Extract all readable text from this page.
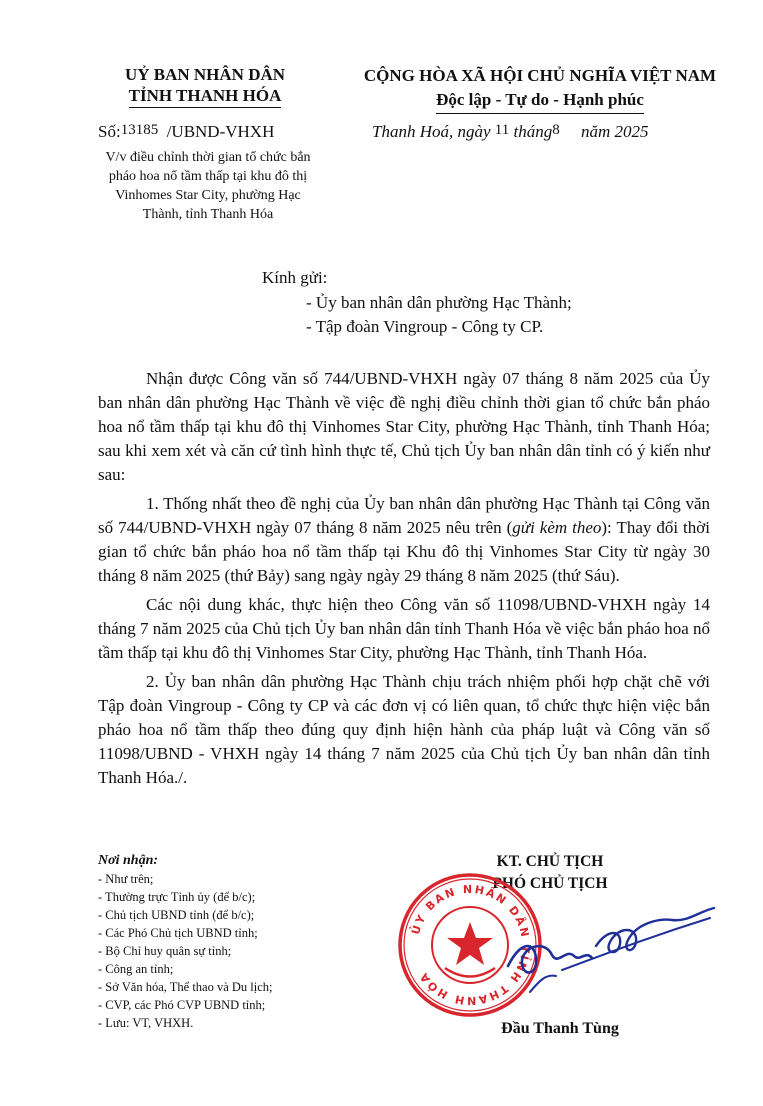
UỶ BAN NHÂN DÂN
TỈNH THANH HÓA
CỘNG HÒA XÃ HỘI CHỦ NGHĨA VIỆT NAM
Độc lập - Tự do - Hạnh phúc
Số:13185 /UBND-VHXH	Thanh Hoá, ngày 11 tháng8 năm 2025
V/v điều chỉnh thời gian tổ chức bắn
pháo hoa nổ tầm thấp tại khu đô thị
Vinhomes Star City, phường Hạc
Thành, tỉnh Thanh Hóa
Kính gửi:
- Ủy ban nhân dân phường Hạc Thành;
- Tập đoàn Vingroup - Công ty CP.

Nhận được Công văn số 744/UBND-VHXH ngày 07 tháng 8 năm 2025 của Ủy ban nhân dân phường Hạc Thành về việc đề nghị điều chỉnh thời gian tổ chức bắn pháo hoa nổ tầm thấp tại khu đô thị Vinhomes Star City, phường Hạc Thành, tỉnh Thanh Hóa; sau khi xem xét và căn cứ tình hình thực tế, Chủ tịch Ủy ban nhân dân tỉnh có ý kiến như sau:

1. Thống nhất theo đề nghị của Ủy ban nhân dân phường Hạc Thành tại Công văn số 744/UBND-VHXH ngày 07 tháng 8 năm 2025 nêu trên (gửi kèm theo): Thay đổi thời gian tổ chức bắn pháo hoa nổ tầm thấp tại Khu đô thị Vinhomes Star City từ ngày 30 tháng 8 năm 2025 (thứ Bảy) sang ngày ngày 29 tháng 8 năm 2025 (thứ Sáu).

Các nội dung khác, thực hiện theo Công văn số 11098/UBND-VHXH ngày 14 tháng 7 năm 2025 của Chủ tịch Ủy ban nhân dân tỉnh Thanh Hóa về việc bắn pháo hoa nổ tầm thấp tại khu đô thị Vinhomes Star City, phường Hạc Thành, tỉnh Thanh Hóa.

2. Ủy ban nhân dân phường Hạc Thành chịu trách nhiệm phối hợp chặt chẽ với Tập đoàn Vingroup - Công ty CP và các đơn vị có liên quan, tổ chức thực hiện việc bắn pháo hoa nổ tầm thấp theo đúng quy định hiện hành của pháp luật và Công văn số 11098/UBND - VHXH ngày 14 tháng 7 năm 2025 của Chủ tịch Ủy ban nhân dân tỉnh Thanh Hóa./.

Nơi nhận:
- Như trên;
- Thường trực Tỉnh ủy (để b/c);
- Chủ tịch UBND tỉnh (để b/c);
- Các Phó Chủ tịch UBND tỉnh;
- Bộ Chỉ huy quân sự tỉnh;
- Công an tỉnh;
- Sở Văn hóa, Thể thao và Du lịch;
- CVP, các Phó CVP UBND tỉnh;
- Lưu: VT, VHXH.
KT. CHỦ TỊCH
PHÓ CHỦ TỊCH
ỦY BAN NHÂN DÂN TỈNH THANH HÓA
Đầu Thanh Tùng
